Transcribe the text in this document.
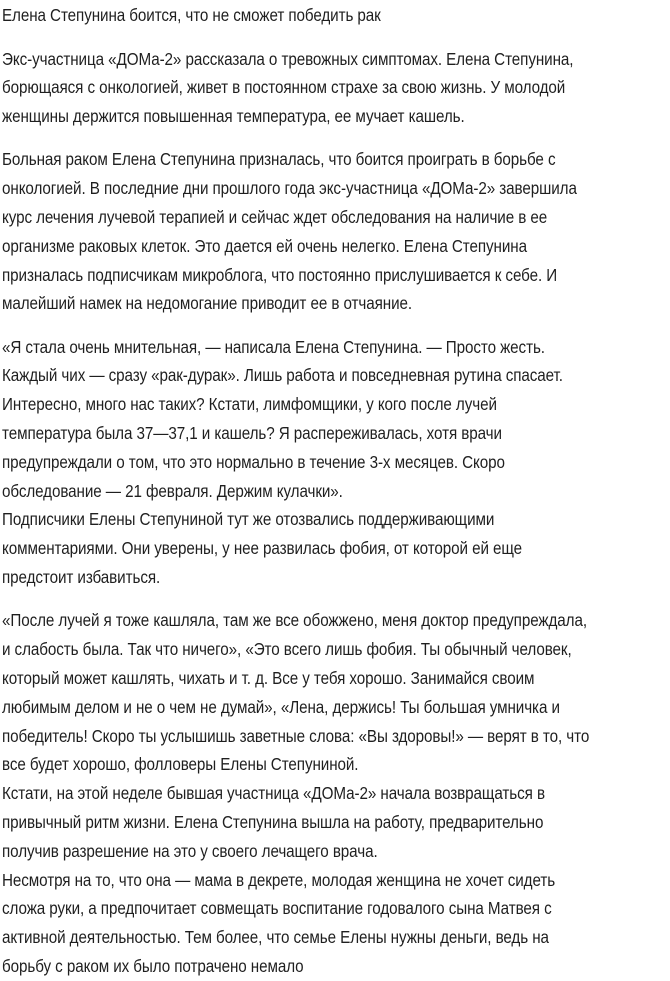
Елена Степунина боится, что не сможет победить рак
Экс-участница «ДОМа-2» рассказала о тревожных симптомах. Елена Степунина,
борющаяся с онкологией, живет в постоянном страхе за свою жизнь. У молодой
женщины держится повышенная температура, ее мучает кашель.
Больная раком Елена Степунина призналась, что боится проиграть в борьбе с
онкологией. В последние дни прошлого года экс-участница «ДОМа-2» завершила
курс лечения лучевой терапией и сейчас ждет обследования на наличие в ее
организме раковых клеток. Это дается ей очень нелегко. Елена Степунина
призналась подписчикам микроблога, что постоянно прислушивается к себе. И
малейший намек на недомогание приводит ее в отчаяние.
«Я стала очень мнительная, — написала Елена Степунина. — Просто жесть.
Каждый чих — сразу «рак-дурак». Лишь работа и повседневная рутина спасает.
Интересно, много нас таких? Кстати, лимфомщики, у кого после лучей
температура была 37—37,1 и кашель? Я распереживалась, хотя врачи
предупреждали о том, что это нормально в течение 3-х месяцев. Скоро
обследование — 21 февраля. Держим кулачки».
Подписчики Елены Степуниной тут же отозвались поддерживающими
комментариями. Они уверены, у нее развилась фобия, от которой ей еще
предстоит избавиться.
«После лучей я тоже кашляла, там же все обожжено, меня доктор предупреждала,
и слабость была. Так что ничего», «Это всего лишь фобия. Ты обычный человек,
который может кашлять, чихать и т. д. Все у тебя хорошо. Занимайся своим
любимым делом и не о чем не думай», «Лена, держись! Ты большая умничка и
победитель! Скоро ты услышишь заветные слова: «Вы здоровы!» — верят в то, что
все будет хорошо, фолловеры Елены Степуниной.
Кстати, на этой неделе бывшая участница «ДОМа-2» начала возвращаться в
привычный ритм жизни. Елена Степунина вышла на работу, предварительно
получив разрешение на это у своего лечащего врача.
Несмотря на то, что она — мама в декрете, молодая женщина не хочет сидеть
сложа руки, а предпочитает совмещать воспитание годовалого сына Матвея с
активной деятельностью. Тем более, что семье Елены нужны деньги, ведь на
борьбу с раком их было потрачено немало
